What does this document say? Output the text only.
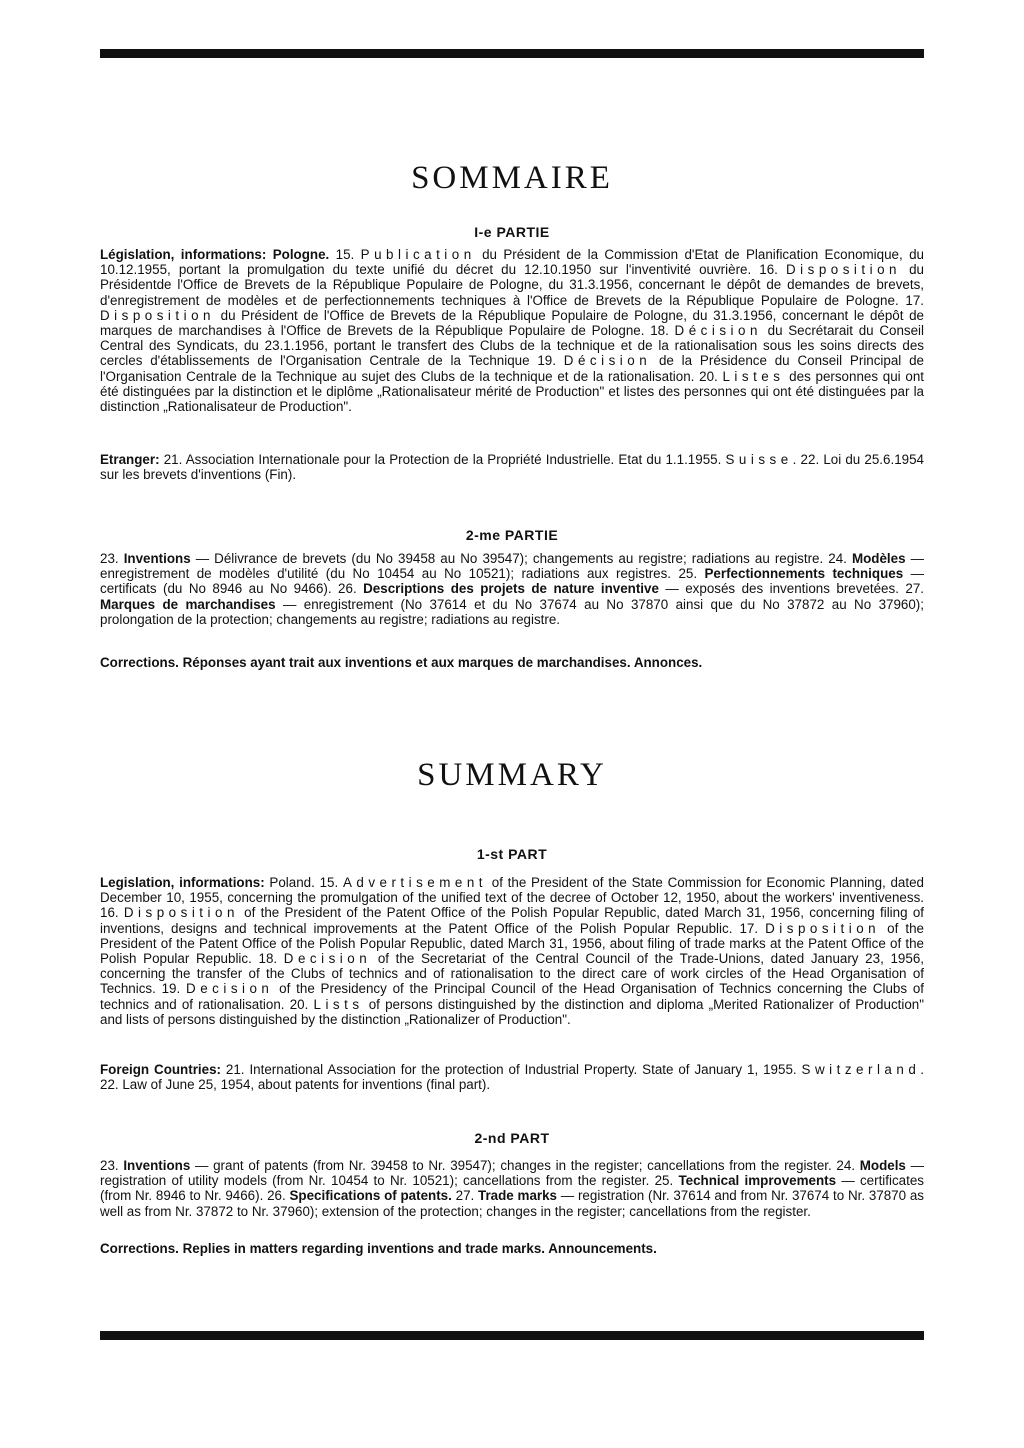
SOMMAIRE
I-e PARTIE

Législation, informations: Pologne. 15. Publication du Président de la Commission d'Etat de Planification Economique, du 10.12.1955, portant la promulgation du texte unifié du décret du 12.10.1950 sur l'inventivité ouvrière. 16. Disposition du Présidentde l'Office de Brevets de la République Populaire de Pologne, du 31.3.1956, concernant le dépôt de demandes de brevets, d'enregistrement de modèles et de perfectionnements techniques à l'Office de Brevets de la République Populaire de Pologne. 17. Disposition du Président de l'Office de Brevets de la République Populaire de Pologne, du 31.3.1956, concernant le dépôt de marques de marchandises à l'Office de Brevets de la République Populaire de Pologne. 18. Décision du Secrétarait du Conseil Central des Syndicats, du 23.1.1956, portant le transfert des Clubs de la technique et de la rationalisation sous les soins directs des cercles d'établissements de l'Organisation Centrale de la Technique 19. Décision de la Présidence du Conseil Principal de l'Organisation Centrale de la Technique au sujet des Clubs de la technique et de la rationalisation. 20. Listes des personnes qui ont été distinguées par la distinction et le diplôme „Rationalisateur mérité de Production" et listes des personnes qui ont été distinguées par la distinction „Rationalisateur de Production".

Etranger: 21. Association Internationale pour la Protection de la Propriété Industrielle. Etat du 1.1.1955. Suisse. 22. Loi du 25.6.1954 sur les brevets d'inventions (Fin).

2-me PARTIE

23. Inventions — Délivrance de brevets (du No 39458 au No 39547); changements au registre; radiations au registre. 24. Modèles — enregistrement de modèles d'utilité (du No 10454 au No 10521); radiations aux registres. 25. Perfectionnements techniques — certificats (du No 8946 au No 9466). 26. Descriptions des projets de nature inventive — exposés des inventions brevetées. 27. Marques de marchandises — enregistrement (No 37614 et du No 37674 au No 37870 ainsi que du No 37872 au No 37960); prolongation de la protection; changements au registre; radiations au registre.

Corrections. Réponses ayant trait aux inventions et aux marques de marchandises. Annonces.

SUMMARY
1-st PART

Legislation, informations: Poland. 15. Advertisement of the President of the State Commission for Economic Planning, dated December 10, 1955, concerning the promulgation of the unified text of the decree of October 12, 1950, about the workers' inventiveness. 16. Disposition of the President of the Patent Office of the Polish Popular Republic, dated March 31, 1956, concerning filing of inventions, designs and technical improvements at the Patent Office of the Polish Popular Republic. 17. Disposition of the President of the Patent Office of the Polish Popular Republic, dated March 31, 1956, about filing of trade marks at the Patent Office of the Polish Popular Republic. 18. Decision of the Secretariat of the Central Council of the Trade-Unions, dated January 23, 1956, concerning the transfer of the Clubs of technics and of rationalisation to the direct care of work circles of the Head Organisation of Technics. 19. Decision of the Presidency of the Principal Council of the Head Organisation of Technics concerning the Clubs of technics and of rationalisation. 20. Lists of persons distinguished by the distinction and diploma „Merited Rationalizer of Production" and lists of persons distinguished by the distinction „Rationalizer of Production".

Foreign Countries: 21. International Association for the protection of Industrial Property. State of January 1, 1955. Switzerland. 22. Law of June 25, 1954, about patents for inventions (final part).

2-nd PART

23. Inventions — grant of patents (from Nr. 39458 to Nr. 39547); changes in the register; cancellations from the register. 24. Models — registration of utility models (from Nr. 10454 to Nr. 10521); cancellations from the register. 25. Technical improvements — certificates (from Nr. 8946 to Nr. 9466). 26. Specifications of patents. 27. Trade marks — registration (Nr. 37614 and from Nr. 37674 to Nr. 37870 as well as from Nr. 37872 to Nr. 37960); extension of the protection; changes in the register; cancellations from the register.

Corrections. Replies in matters regarding inventions and trade marks. Announcements.
